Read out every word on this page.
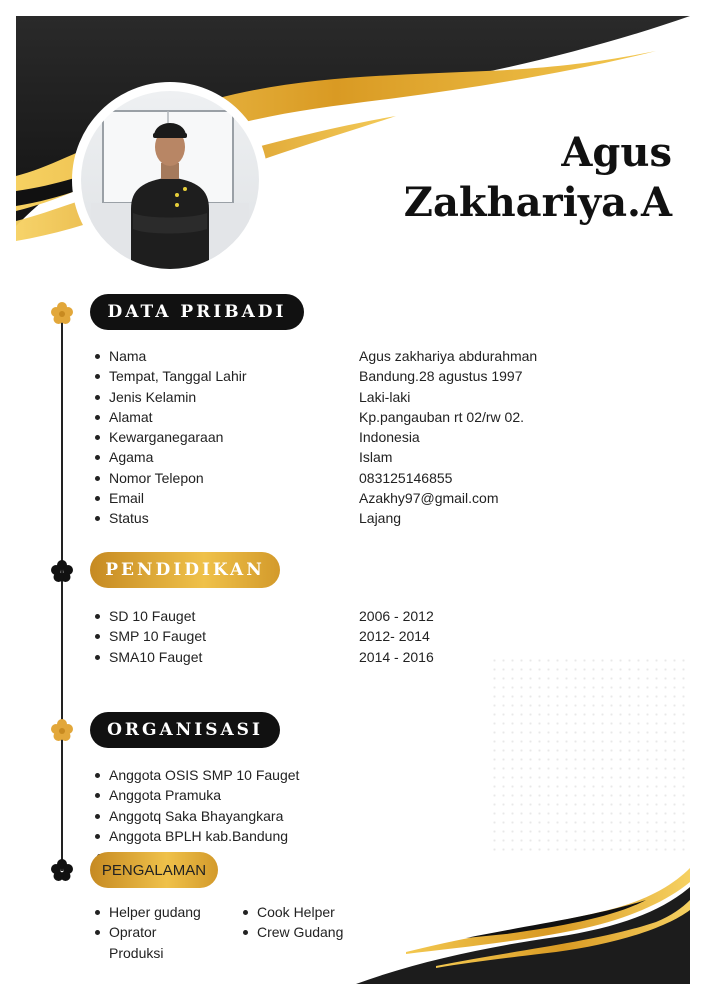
Agus
Zakhariya.A
DATA PRIBADI
Nama
Tempat, Tanggal Lahir
Jenis Kelamin
Alamat
Kewarganegaraan
Agama
Nomor Telepon
Email
Status
Agus zakhariya abdurahman
Bandung.28 agustus 1997
Laki-laki
Kp.pangauban rt 02/rw 02.
Indonesia
Islam
083125146855
Azakhy97@gmail.com
Lajang
PENDIDIKAN
SD 10 Fauget
SMP 10 Fauget
SMA10 Fauget
2006 - 2012
2012- 2014
2014 - 2016
ORGANISASI
Anggota OSIS SMP 10 Fauget
Anggota Pramuka
Anggotq Saka Bhayangkara
Anggota BPLH kab.Bandung
PENGALAMAN
Helper gudang
Oprator Produksi
Cook Helper
Crew Gudang
